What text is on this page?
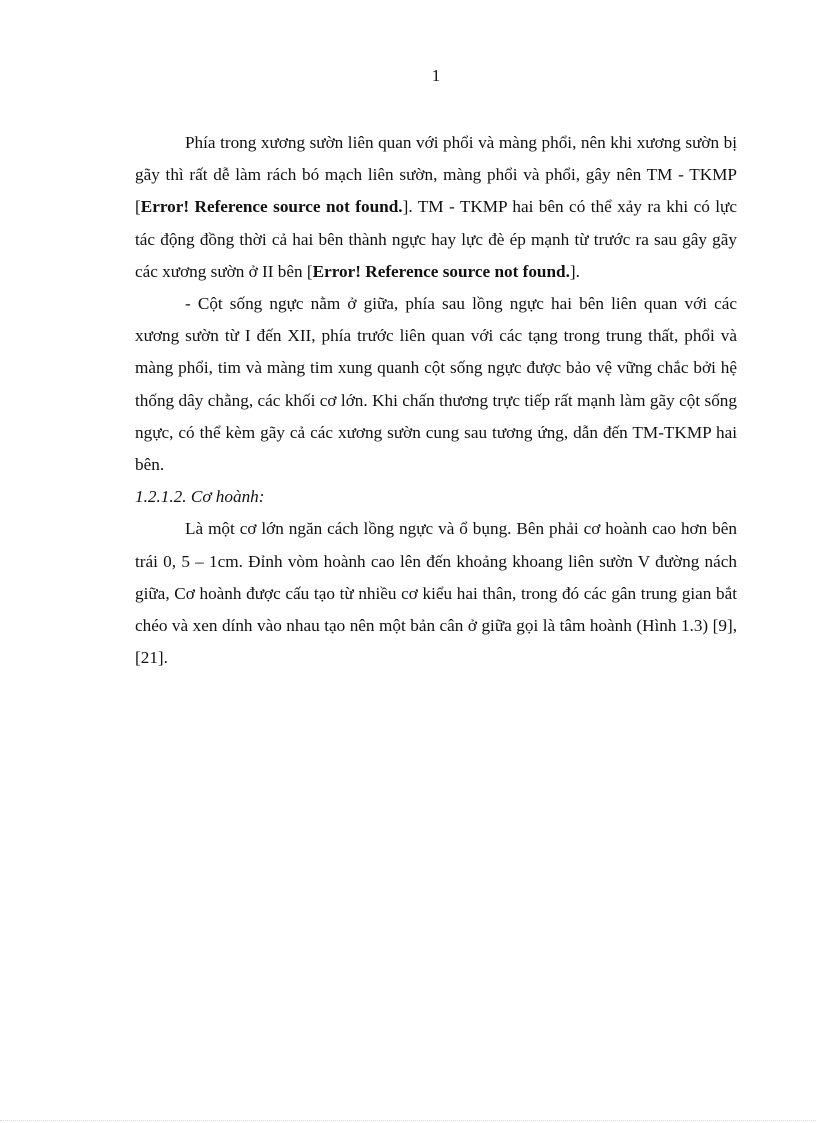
1

Phía trong xương sườn liên quan với phổi và màng phổi, nên khi xương sườn bị gãy thì rất dễ làm rách bó mạch liên sườn, màng phổi và phổi, gây nên TM - TKMP [Error! Reference source not found.]. TM - TKMP hai bên có thể xảy ra khi có lực tác động đồng thời cả hai bên thành ngực hay lực đè ép mạnh từ trước ra sau gây gãy các xương sườn ở II bên [Error! Reference source not found.].

- Cột sống ngực nằm ở giữa, phía sau lồng ngực hai bên liên quan với các xương sườn từ I đến XII, phía trước liên quan với các tạng trong trung thất, phổi và màng phổi, tim và màng tim xung quanh cột sống ngực được bảo vệ vững chắc bởi hệ thống dây chằng, các khối cơ lớn. Khi chấn thương trực tiếp rất mạnh làm gãy cột sống ngực, có thể kèm gãy cả các xương sườn cung sau tương ứng, dẫn đến TM-TKMP hai bên.

1.2.1.2. Cơ hoành:

Là một cơ lớn ngăn cách lồng ngực và ổ bụng. Bên phải cơ hoành cao hơn bên trái 0, 5 – 1cm. Đỉnh vòm hoành cao lên đến khoảng khoang liên sườn V đường nách giữa, Cơ hoành được cấu tạo từ nhiều cơ kiểu hai thân, trong đó các gân trung gian bắt chéo và xen dính vào nhau tạo nên một bản cân ở giữa gọi là tâm hoành (Hình 1.3) [9], [21].
